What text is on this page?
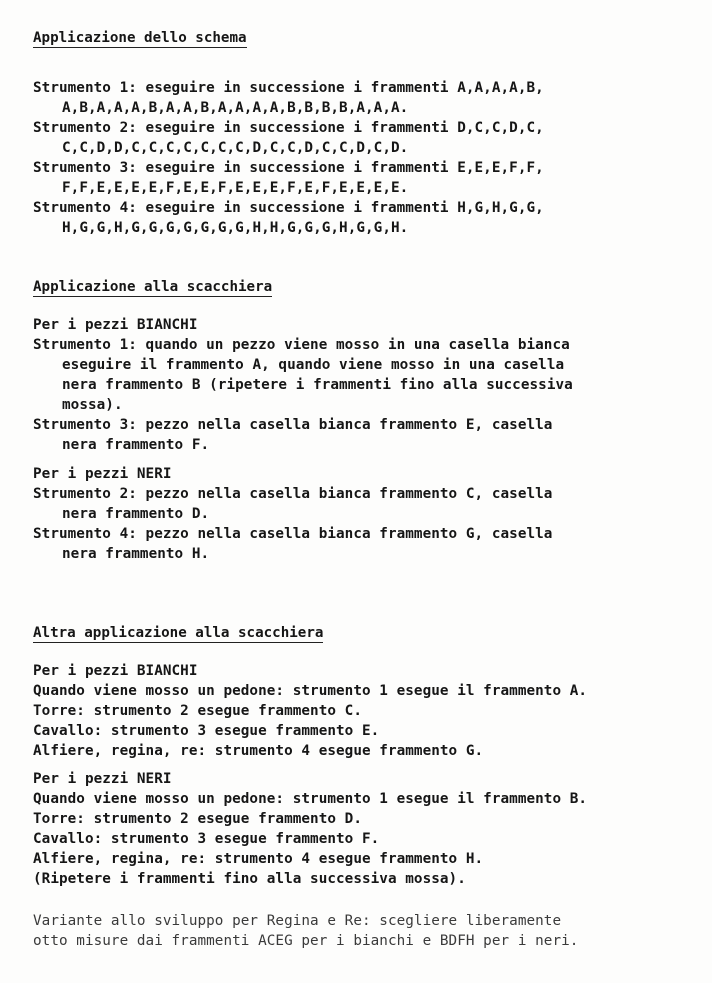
Applicazione dello schema

Strumento 1: eseguire in successione i frammenti A,A,A,A,B,

A,B,A,A,A,B,A,A,B,A,A,A,A,B,B,B,B,A,A,A.

Strumento 2: eseguire in successione i frammenti D,C,C,D,C,

C,C,D,D,C,C,C,C,C,C,C,D,C,C,D,C,C,D,C,D.

Strumento 3: eseguire in successione i frammenti E,E,E,F,F,

F,F,E,E,E,E,F,E,E,F,E,E,E,F,E,F,E,E,E,E.

Strumento 4: eseguire in successione i frammenti H,G,H,G,G,

H,G,G,H,G,G,G,G,G,G,G,H,H,G,G,G,H,G,G,H.

Applicazione alla scacchiera

Per i pezzi BIANCHI

Strumento 1: quando un pezzo viene mosso in una casella bianca

eseguire il frammento A, quando viene mosso in una casella

nera frammento B (ripetere i frammenti fino alla successiva

mossa).

Strumento 3: pezzo nella casella bianca frammento E, casella

nera frammento F.

Per i pezzi NERI

Strumento 2: pezzo nella casella bianca frammento C, casella

nera frammento D.

Strumento 4: pezzo nella casella bianca frammento G, casella

nera frammento H.

Altra applicazione alla scacchiera

Per i pezzi BIANCHI

Quando viene mosso un pedone: strumento 1 esegue il frammento A.

Torre: strumento 2 esegue frammento C.

Cavallo: strumento 3 esegue frammento E.

Alfiere, regina, re: strumento 4 esegue frammento G.

Per i pezzi NERI

Quando viene mosso un pedone: strumento 1 esegue il frammento B.

Torre: strumento 2 esegue frammento D.

Cavallo: strumento 3 esegue frammento F.

Alfiere, regina, re: strumento 4 esegue frammento H.

(Ripetere i frammenti fino alla successiva mossa).

Variante allo sviluppo per Regina e Re: scegliere liberamente

otto misure dai frammenti ACEG per i bianchi e BDFH per i neri.
